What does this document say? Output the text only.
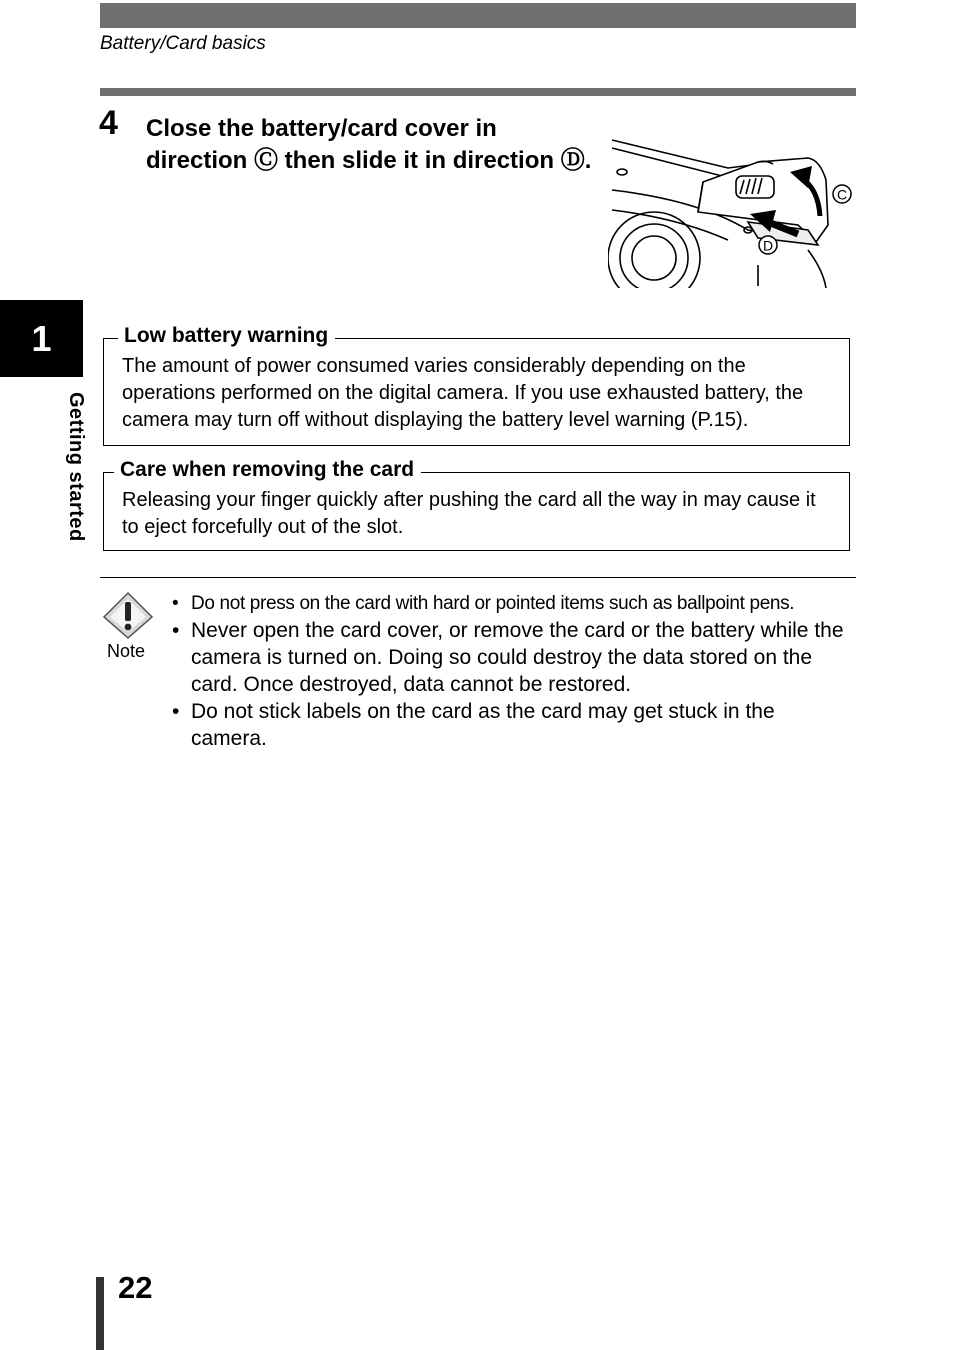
Battery/Card basics
1
Getting started
4 Close the battery/card cover in direction Ⓒ then slide it in direction Ⓓ.
C
D
Low battery warning
The amount of power consumed varies considerably depending on the operations performed on the digital camera. If you use exhausted battery, the camera may turn off without displaying the battery level warning (P.15).
Care when removing the card
Releasing your finger quickly after pushing the card all the way in may cause it to eject forcefully out of the slot.
Note
• Do not press on the card with hard or pointed items such as ballpoint pens.
• Never open the card cover, or remove the card or the battery while the camera is turned on. Doing so could destroy the data stored on the card. Once destroyed, data cannot be restored.
• Do not stick labels on the card as the card may get stuck in the camera.
22
